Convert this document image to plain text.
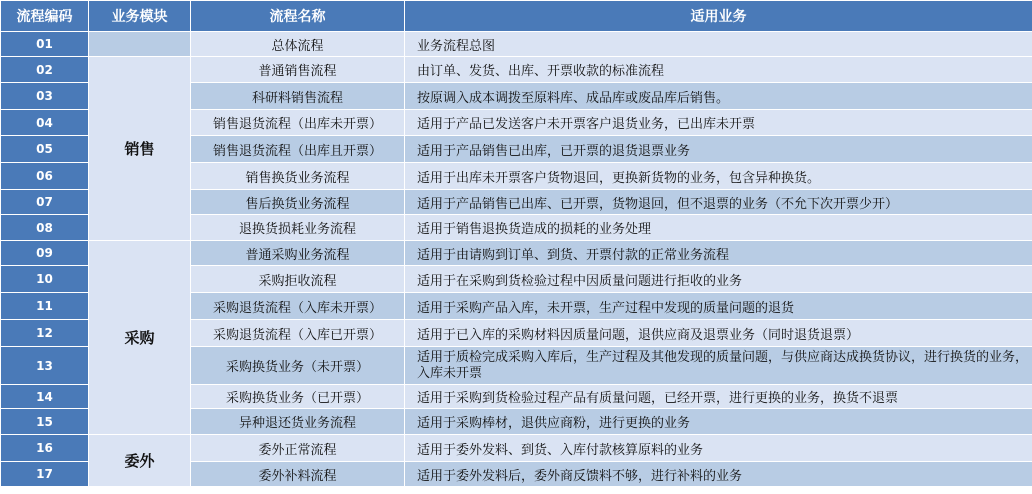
流程编码	业务模块	流程名称	适用业务
01		总体流程	业务流程总图
02	销售	普通销售流程	由订单、发货、出库、开票收款的标准流程
03		科研料销售流程	按原调入成本调拨至原料库、成品库或废品库后销售。
04		销售退货流程（出库未开票）	适用于产品已发送客户未开票客户退货业务，已出库未开票
05		销售退货流程（出库且开票）	适用于产品销售已出库，已开票的退货退票业务
06		销售换货业务流程	适用于出库未开票客户货物退回，更换新货物的业务，包含异种换货。
07		售后换货业务流程	适用于产品销售已出库、已开票，货物退回，但不退票的业务（不允下次开票少开）
08		退换货损耗业务流程	适用于销售退换货造成的损耗的业务处理
09	采购	普通采购业务流程	适用于由请购到订单、到货、开票付款的正常业务流程
10		采购拒收流程	适用于在采购到货检验过程中因质量问题进行拒收的业务
11		采购退货流程（入库未开票）	适用于采购产品入库，未开票，生产过程中发现的质量问题的退货
12		采购退货流程（入库已开票）	适用于已入库的采购材料因质量问题，退供应商及退票业务（同时退货退票）
13		采购换货业务（未开票）	适用于质检完成采购入库后，生产过程及其他发现的质量问题，与供应商达成换货协议，进行换货的业务，入库未开票
14		采购换货业务（已开票）	适用于采购到货检验过程产品有质量问题，已经开票，进行更换的业务，换货不退票
15		异种退还货业务流程	适用于采购棒材，退供应商粉，进行更换的业务
16	委外	委外正常流程	适用于委外发料、到货、入库付款核算原料的业务
17		委外补料流程	适用于委外发料后，委外商反馈料不够，进行补料的业务
